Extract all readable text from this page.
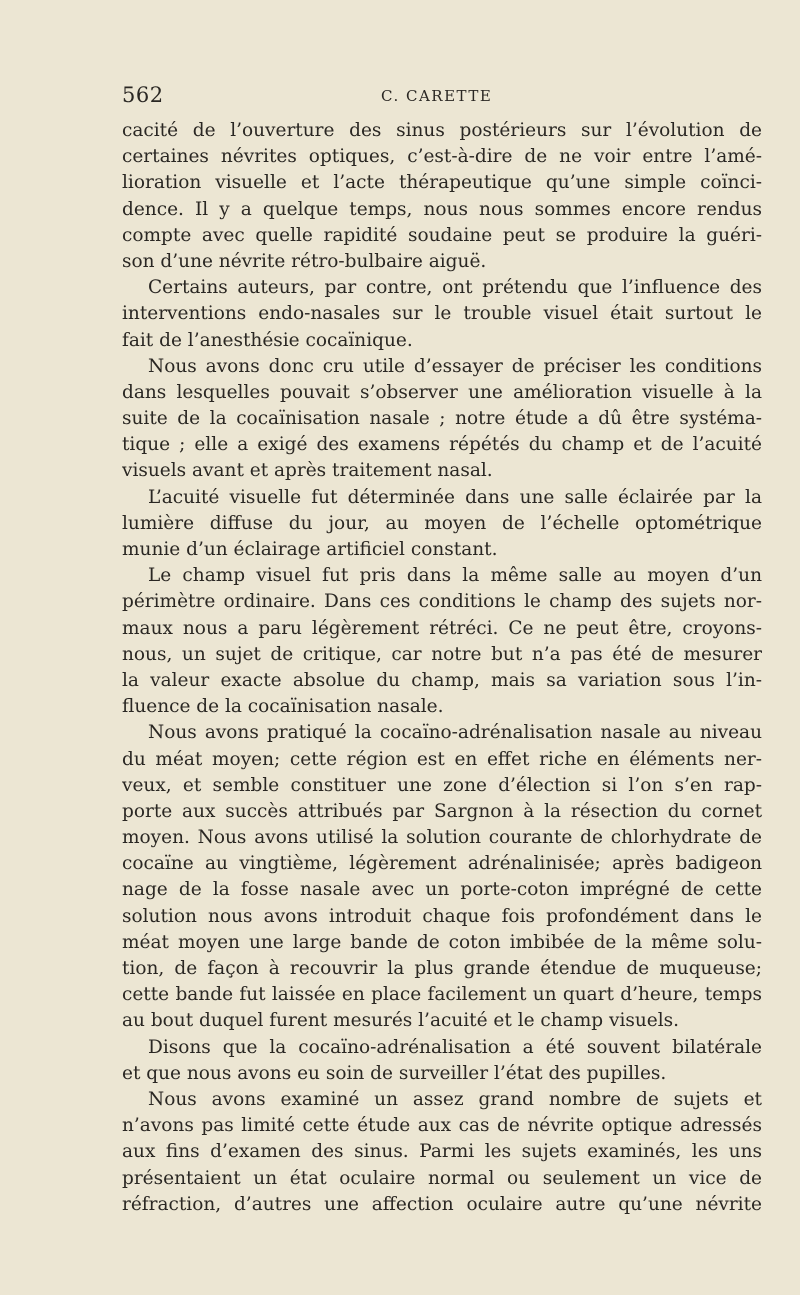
562	C. CARETTE
cacité de l’ouverture des sinus postérieurs sur l’évolution de
certaines névrites optiques, c’est-à-dire de ne voir entre l’amé-
lioration visuelle et l’acte thérapeutique qu’une simple coïnci-
dence. Il y a quelque temps, nous nous sommes encore rendus
compte avec quelle rapidité soudaine peut se produire la guéri-
son d’une névrite rétro-bulbaire aiguë.
Certains auteurs, par contre, ont prétendu que l’influence des
interventions endo-nasales sur le trouble visuel était surtout le
fait de l’anesthésie cocaïnique.
Nous avons donc cru utile d’essayer de préciser les conditions
dans lesquelles pouvait s’observer une amélioration visuelle à la
suite de la cocaïnisation nasale ; notre étude a dû être systéma-
tique ; elle a exigé des examens répétés du champ et de l’acuité
visuels avant et après traitement nasal.
L’acuité visuelle fut déterminée dans une salle éclairée par la
lumière diffuse du jour, au moyen de l’échelle optométrique
munie d’un éclairage artificiel constant.
Le champ visuel fut pris dans la même salle au moyen d’un
périmètre ordinaire. Dans ces conditions le champ des sujets nor-
maux nous a paru légèrement rétréci. Ce ne peut être, croyons-
nous, un sujet de critique, car notre but n’a pas été de mesurer
la valeur exacte absolue du champ, mais sa variation sous l’in-
fluence de la cocaïnisation nasale.
Nous avons pratiqué la cocaïno-adrénalisation nasale au niveau
du méat moyen; cette région est en effet riche en éléments ner-
veux, et semble constituer une zone d’élection si l’on s’en rap-
porte aux succès attribués par Sargnon à la résection du cornet
moyen. Nous avons utilisé la solution courante de chlorhydrate de
cocaïne au vingtième, légèrement adrénalinisée; après badigeon
nage de la fosse nasale avec un porte-coton imprégné de cette
solution nous avons introduit chaque fois profondément dans le
méat moyen une large bande de coton imbibée de la même solu-
tion, de façon à recouvrir la plus grande étendue de muqueuse;
cette bande fut laissée en place facilement un quart d’heure, temps
au bout duquel furent mesurés l’acuité et le champ visuels.
Disons que la cocaïno-adrénalisation a été souvent bilatérale
et que nous avons eu soin de surveiller l’état des pupilles.
Nous avons examiné un assez grand nombre de sujets et
n’avons pas limité cette étude aux cas de névrite optique adressés
aux fins d’examen des sinus. Parmi les sujets examinés, les uns
présentaient un état oculaire normal ou seulement un vice de
réfraction, d’autres une affection oculaire autre qu’une névrite
